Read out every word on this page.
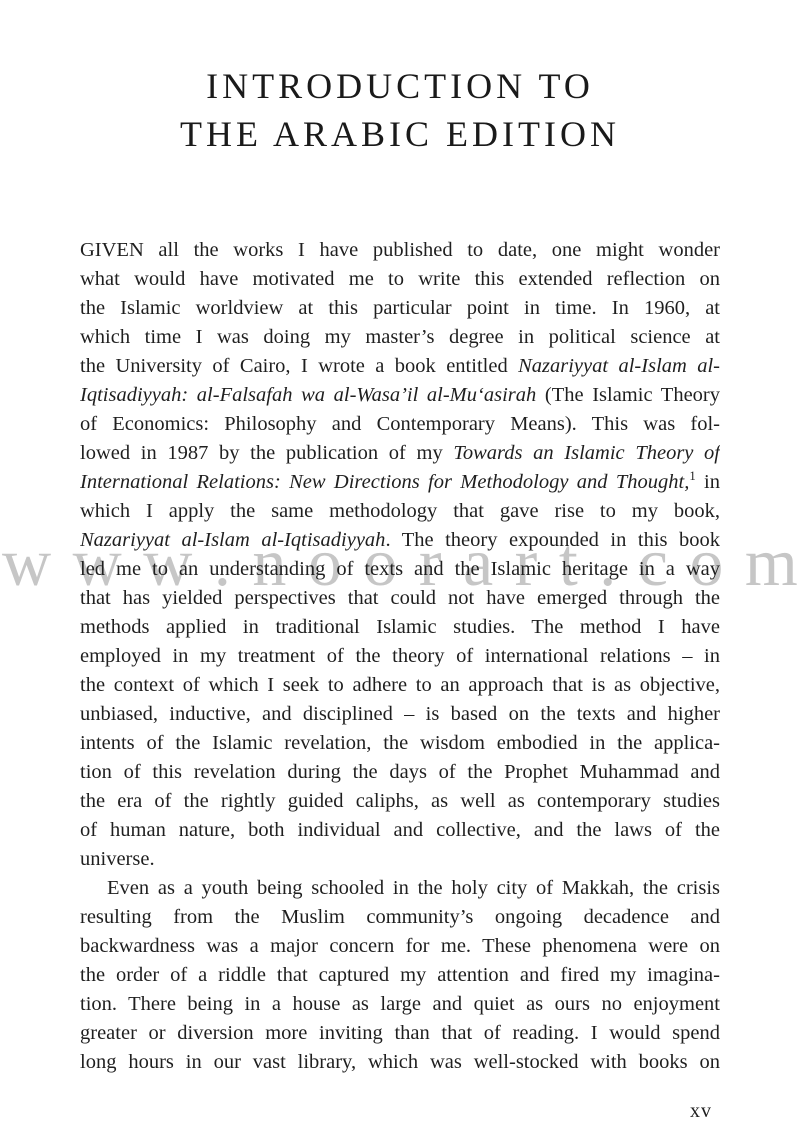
w w w . n o o r a r t . c o m
INTRODUCTION TO
THE ARABIC EDITION
GIVEN all the works I have published to date, one might wonder
what would have motivated me to write this extended reflection on
the Islamic worldview at this particular point in time. In 1960, at
which time I was doing my master’s degree in political science at
the University of Cairo, I wrote a book entitled Nazariyyat al-Islam al-
Iqtisadiyyah: al-Falsafah wa al-Wasa’il al-Mu‘asirah (The Islamic Theory
of Economics: Philosophy and Contemporary Means). This was fol-
lowed in 1987 by the publication of my Towards an Islamic Theory of
International Relations: New Directions for Methodology and Thought,$^1$ in
which I apply the same methodology that gave rise to my book,
Nazariyyat al-Islam al-Iqtisadiyyah. The theory expounded in this book
led me to an understanding of texts and the Islamic heritage in a way
that has yielded perspectives that could not have emerged through the
methods applied in traditional Islamic studies. The method I have
employed in my treatment of the theory of international relations – in
the context of which I seek to adhere to an approach that is as objective,
unbiased, inductive, and disciplined – is based on the texts and higher
intents of the Islamic revelation, the wisdom embodied in the applica-
tion of this revelation during the days of the Prophet Muhammad and
the era of the rightly guided caliphs, as well as contemporary studies
of human nature, both individual and collective, and the laws of the
universe.
Even as a youth being schooled in the holy city of Makkah, the crisis
resulting from the Muslim community’s ongoing decadence and
backwardness was a major concern for me. These phenomena were on
the order of a riddle that captured my attention and fired my imagina-
tion. There being in a house as large and quiet as ours no enjoyment
greater or diversion more inviting than that of reading. I would spend
long hours in our vast library, which was well-stocked with books on
xv
